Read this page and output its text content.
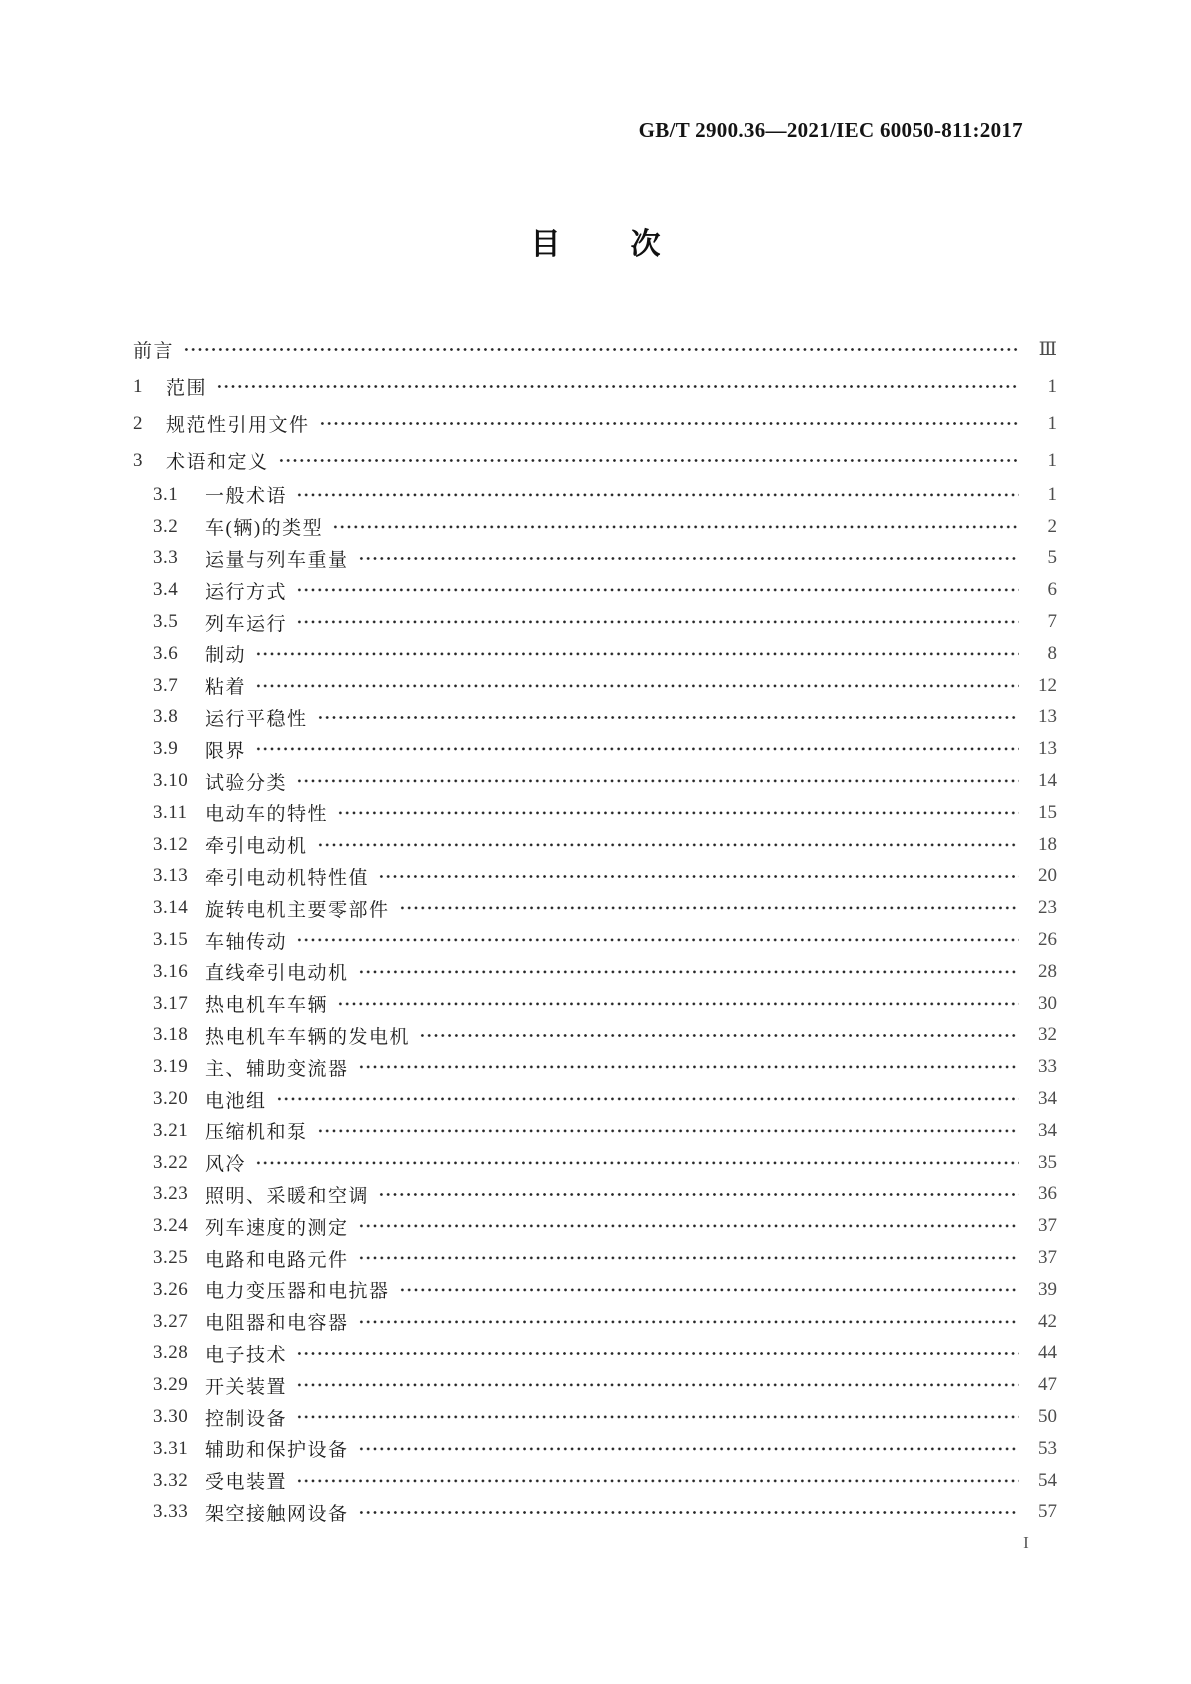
GB/T 2900.36—2021/IEC 60050-811:2017
目次
前言	Ⅲ
1	范围	1
2	规范性引用文件	1
3	术语和定义	1
3.1	一般术语	1
3.2	车(辆)的类型	2
3.3	运量与列车重量	5
3.4	运行方式	6
3.5	列车运行	7
3.6	制动	8
3.7	粘着	12
3.8	运行平稳性	13
3.9	限界	13
3.10 试验分类	14
3.11 电动车的特性	15
3.12 牵引电动机	18
3.13 牵引电动机特性值	20
3.14 旋转电机主要零部件	23
3.15 车轴传动	26
3.16 直线牵引电动机	28
3.17 热电机车车辆	30
3.18 热电机车车辆的发电机	32
3.19 主、辅助变流器	33
3.20 电池组	34
3.21 压缩机和泵	34
3.22 风冷	35
3.23 照明、采暖和空调	36
3.24 列车速度的测定	37
3.25 电路和电路元件	37
3.26 电力变压器和电抗器	39
3.27 电阻器和电容器	42
3.28 电子技术	44
3.29 开关装置	47
3.30 控制设备	50
3.31 辅助和保护设备	53
3.32 受电装置	54
3.33 架空接触网设备	57
I
